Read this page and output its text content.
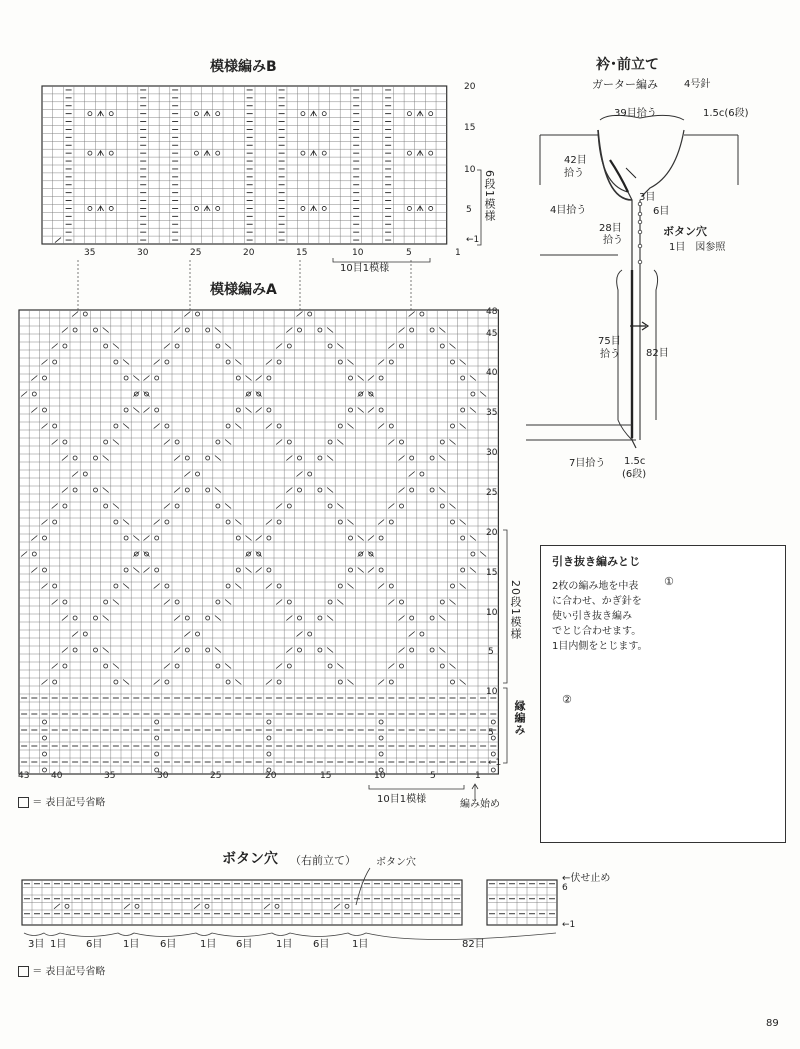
模様編みB
20
15
10
5 6段1模様
←1
35	30	25	20	15	10	5	1
10目1模様
模様編みA
48
45
40
35
30
25
20
15
10
5
10
5
←1
20段1模様
縁編み
43 40	35	30	25	20	15	10	5	1
10目1模様	編み始め
＝ 表目記号省略
衿･前立て
ガーター編み	4号針
39目拾う	1.5c(6段)
42目
拾う
3目
4目拾う	6目
28目
拾う
ボタン穴
1目　図参照
75目
拾う	82目
7目拾う 1.5c
(6段)
引き抜き編みとじ
2枚の編み地を中表
に合わせ、かぎ針を
使い引き抜き編み
でとじ合わせます。
1目内側をとじます。
①
②
ボタン穴 （右前立て） ボタン穴
←伏せ止め
6
←1
3目 1目 6目 1目 6目 1目 6目 1目 6目 1目	82目
＝ 表目記号省略
89
